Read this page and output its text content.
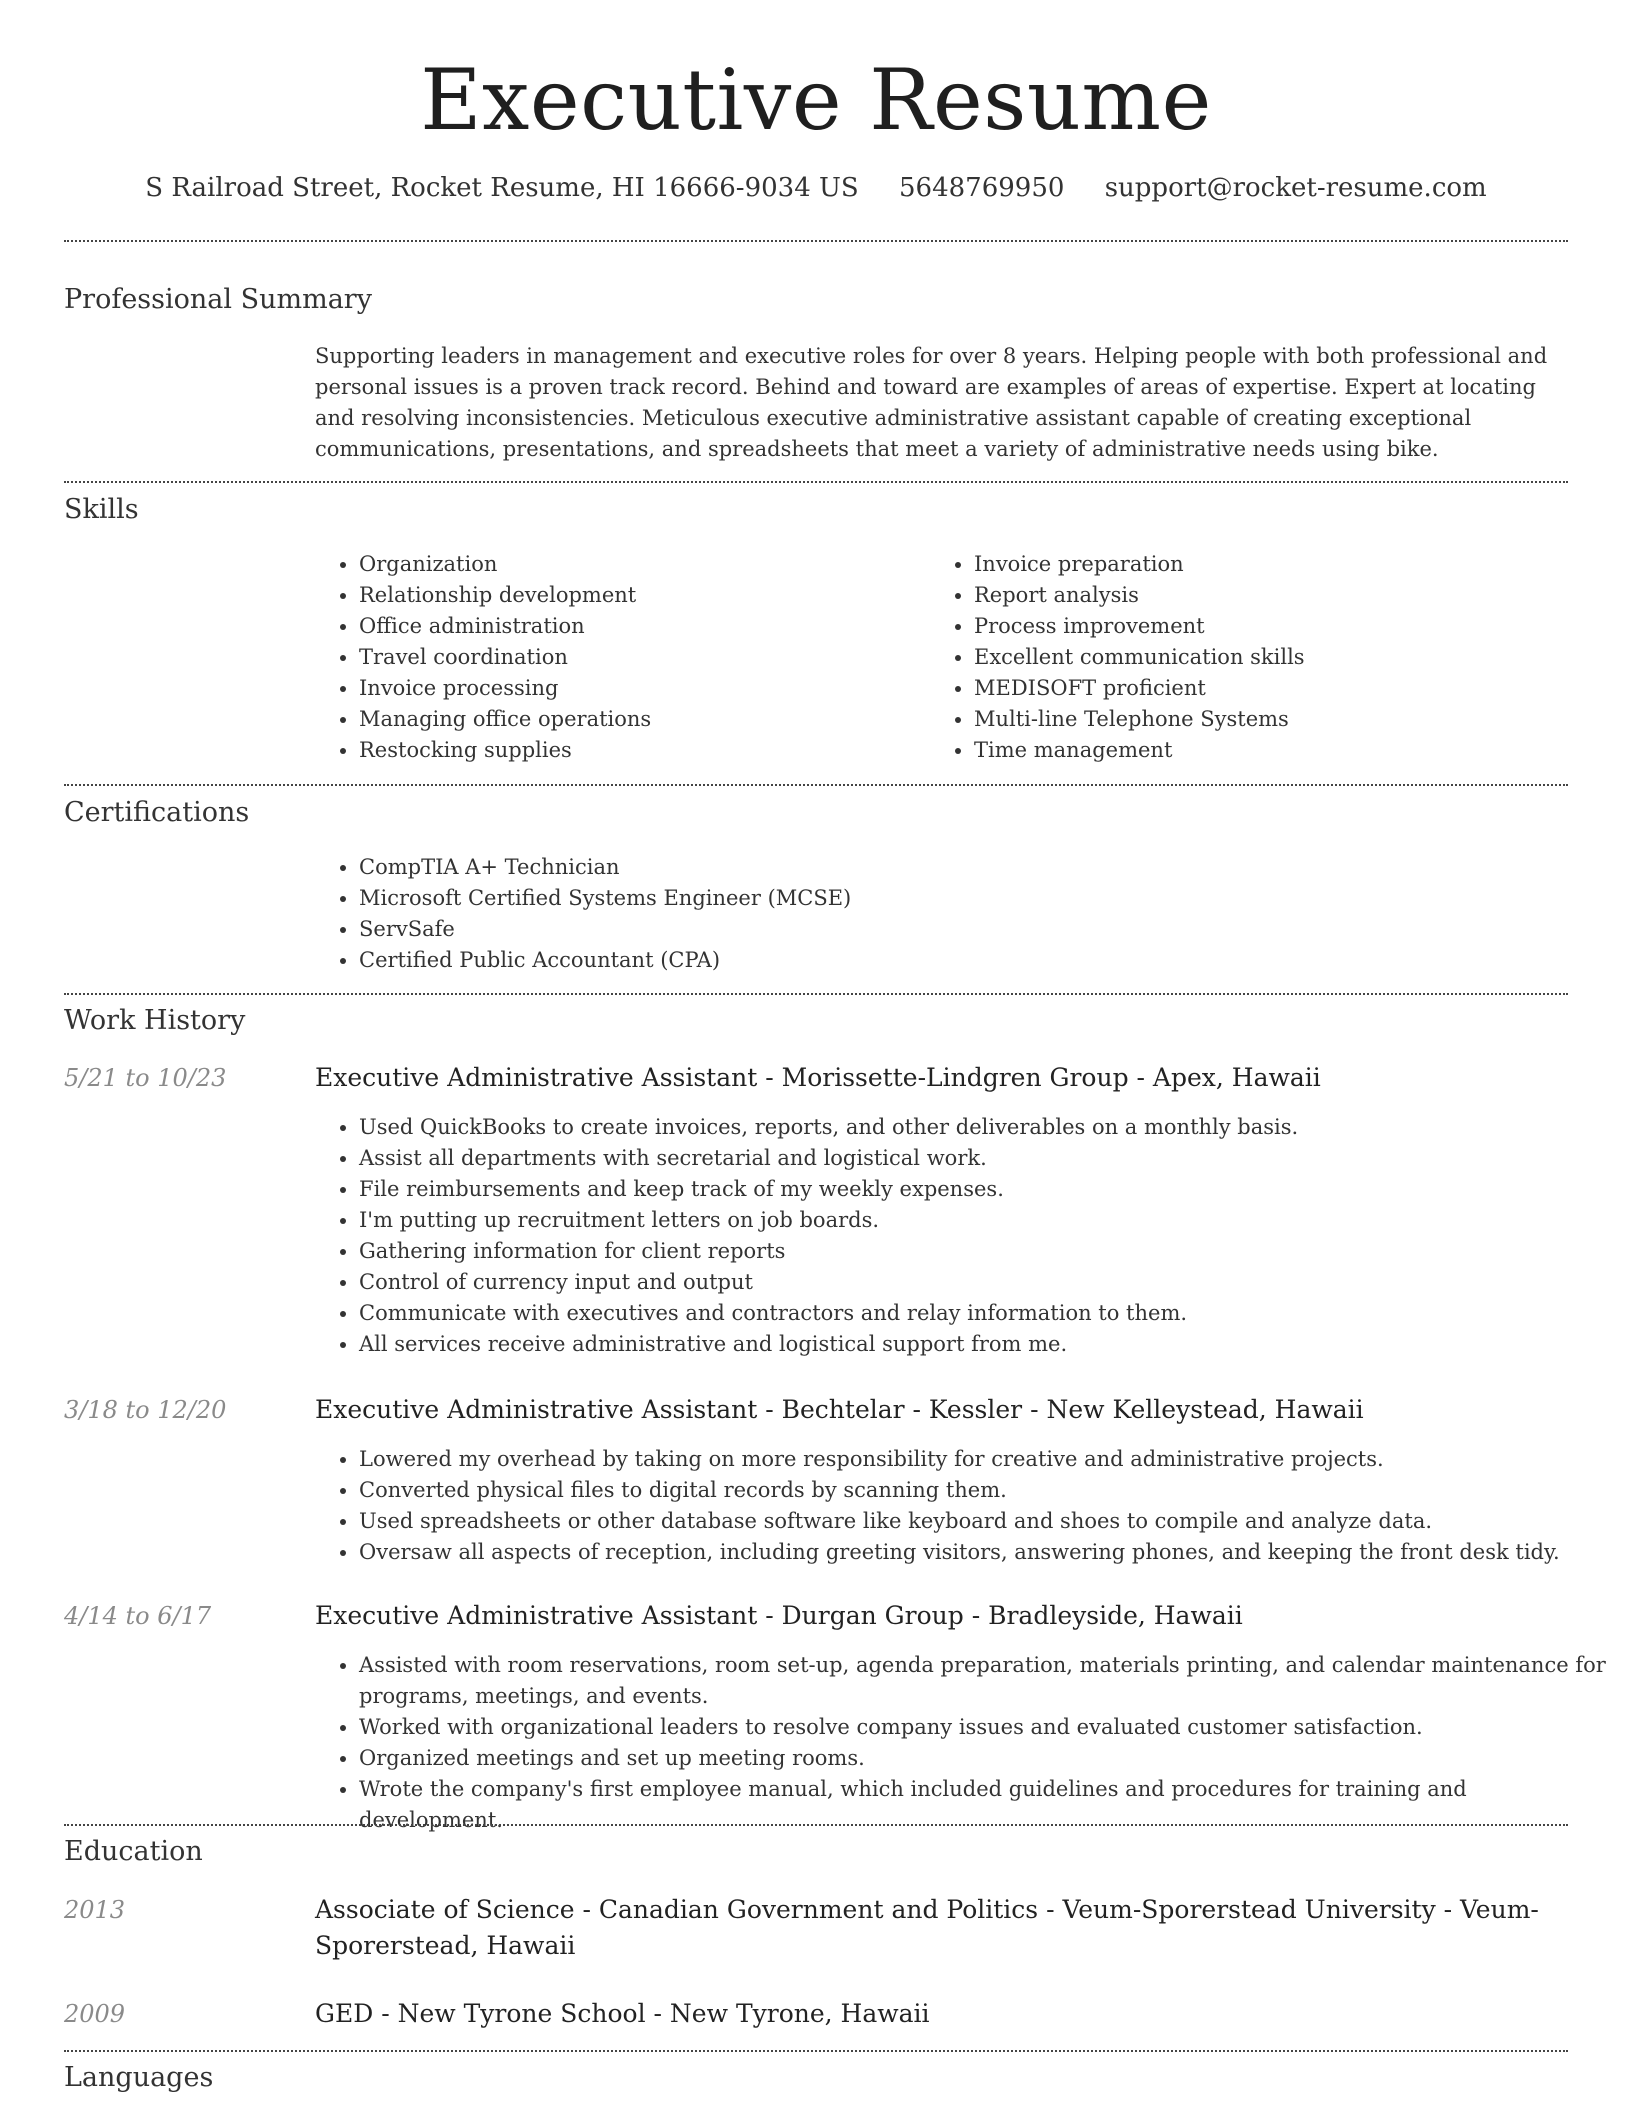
Executive Resume
S Railroad Street, Rocket Resume, HI 16666-9034 US 5648769950 support@rocket-resume.com
Professional Summary

Supporting leaders in management and executive roles for over 8 years. Helping people with both professional and personal issues is a proven track record. Behind and toward are examples of areas of expertise. Expert at locating and resolving inconsistencies. Meticulous executive administrative assistant capable of creating exceptional communications, presentations, and spreadsheets that meet a variety of administrative needs using bike.

Skills
• Organization
• Relationship development
• Office administration
• Travel coordination
• Invoice processing
• Managing office operations
• Restocking supplies
• Invoice preparation
• Report analysis
• Process improvement
• Excellent communication skills
• MEDISOFT proficient
• Multi-line Telephone Systems
• Time management
Certifications
• CompTIA A+ Technician
• Microsoft Certified Systems Engineer (MCSE)
• ServSafe
• Certified Public Accountant (CPA)
Work History
5/21 to 10/23	Executive Administrative Assistant - Morissette-Lindgren Group - Apex, Hawaii
• Used QuickBooks to create invoices, reports, and other deliverables on a monthly basis.
• Assist all departments with secretarial and logistical work.
• File reimbursements and keep track of my weekly expenses.
• I'm putting up recruitment letters on job boards.
• Gathering information for client reports
• Control of currency input and output
• Communicate with executives and contractors and relay information to them.
• All services receive administrative and logistical support from me.
3/18 to 12/20	Executive Administrative Assistant - Bechtelar - Kessler - New Kelleystead, Hawaii
• Lowered my overhead by taking on more responsibility for creative and administrative projects.
• Converted physical files to digital records by scanning them.
• Used spreadsheets or other database software like keyboard and shoes to compile and analyze data.
• Oversaw all aspects of reception, including greeting visitors, answering phones, and keeping the front desk tidy.
4/14 to 6/17	Executive Administrative Assistant - Durgan Group - Bradleyside, Hawaii
• Assisted with room reservations, room set-up, agenda preparation, materials printing, and calendar maintenance for programs, meetings, and events.
• Worked with organizational leaders to resolve company issues and evaluated customer satisfaction.
• Organized meetings and set up meeting rooms.
• Wrote the company's first employee manual, which included guidelines and procedures for training and development.
Education
2013	Associate of Science - Canadian Government and Politics - Veum-Sporerstead University - Veum-Sporerstead, Hawaii
2009	GED - New Tyrone School - New Tyrone, Hawaii
Languages
